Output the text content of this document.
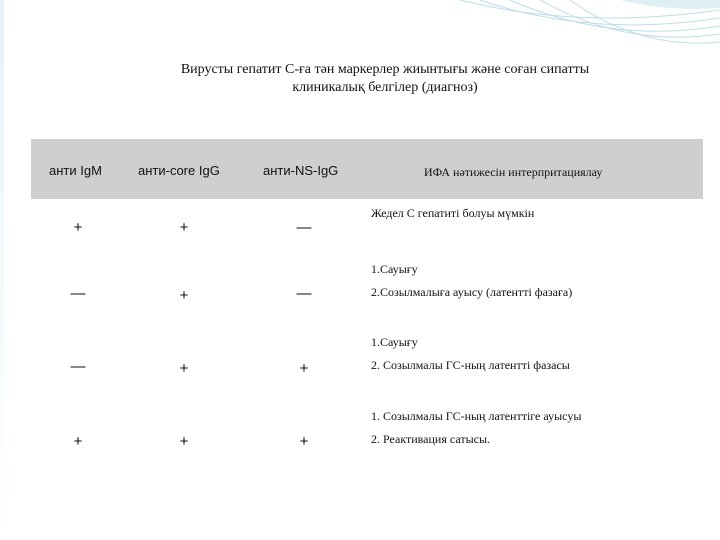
Вирусты гепатит С-ға тән маркерлер жиынтығы және соған сипатты
клиникалық белгілер (диагноз)
анти IgM	анти-core IgG	анти-NS-IgG	ИФА нәтижесін интерпритациялау
+	+	—
Жедел С гепатиті болуы мүмкін
—	+	—
1.Сауығу
2.Созылмалыға ауысу (латентті фазаға)
—	+	+
1.Сауығу
2. Созылмалы ГС-ның латентті фазасы
+	+	+
1. Созылмалы ГС-ның латенттіге ауысуы
2. Реактивация сатысы.
